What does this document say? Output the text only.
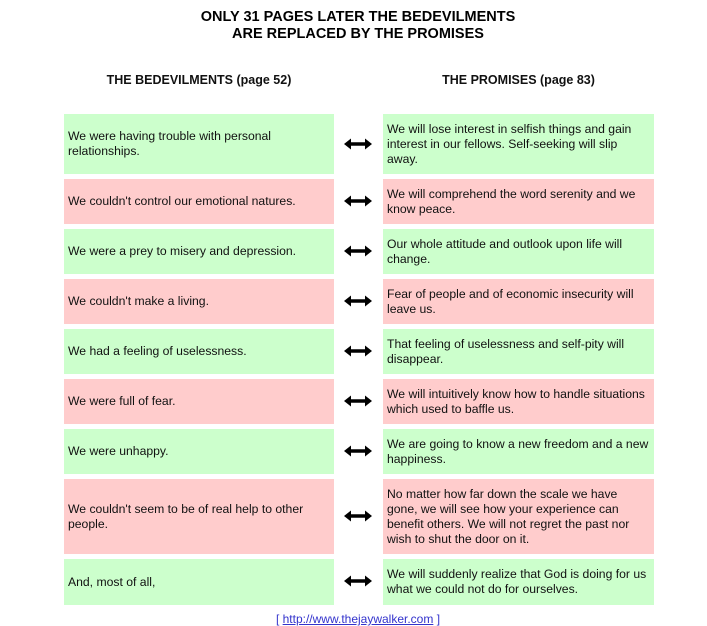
ONLY 31 PAGES LATER THE BEDEVILMENTS
ARE REPLACED BY THE PROMISES
THE BEDEVILMENTS (page 52)	THE PROMISES (page 83)
We were having trouble with personal relationships.
We will lose interest in selfish things and gain interest in our fellows. Self-seeking will slip away.
We couldn't control our emotional natures.
We will comprehend the word serenity and we know peace.
We were a prey to misery and depression.
Our whole attitude and outlook upon life will change.
We couldn't make a living.
Fear of people and of economic insecurity will leave us.
We had a feeling of uselessness.
That feeling of uselessness and self-pity will disappear.
We were full of fear.
We will intuitively know how to handle situations which used to baffle us.
We were unhappy.
We are going to know a new freedom and a new happiness.
We couldn't seem to be of real help to other people.
No matter how far down the scale we have gone, we will see how your experience can benefit others. We will not regret the past nor wish to shut the door on it.
And, most of all,
We will suddenly realize that God is doing for us what we could not do for ourselves.
[ http://www.thejaywalker.com ]
